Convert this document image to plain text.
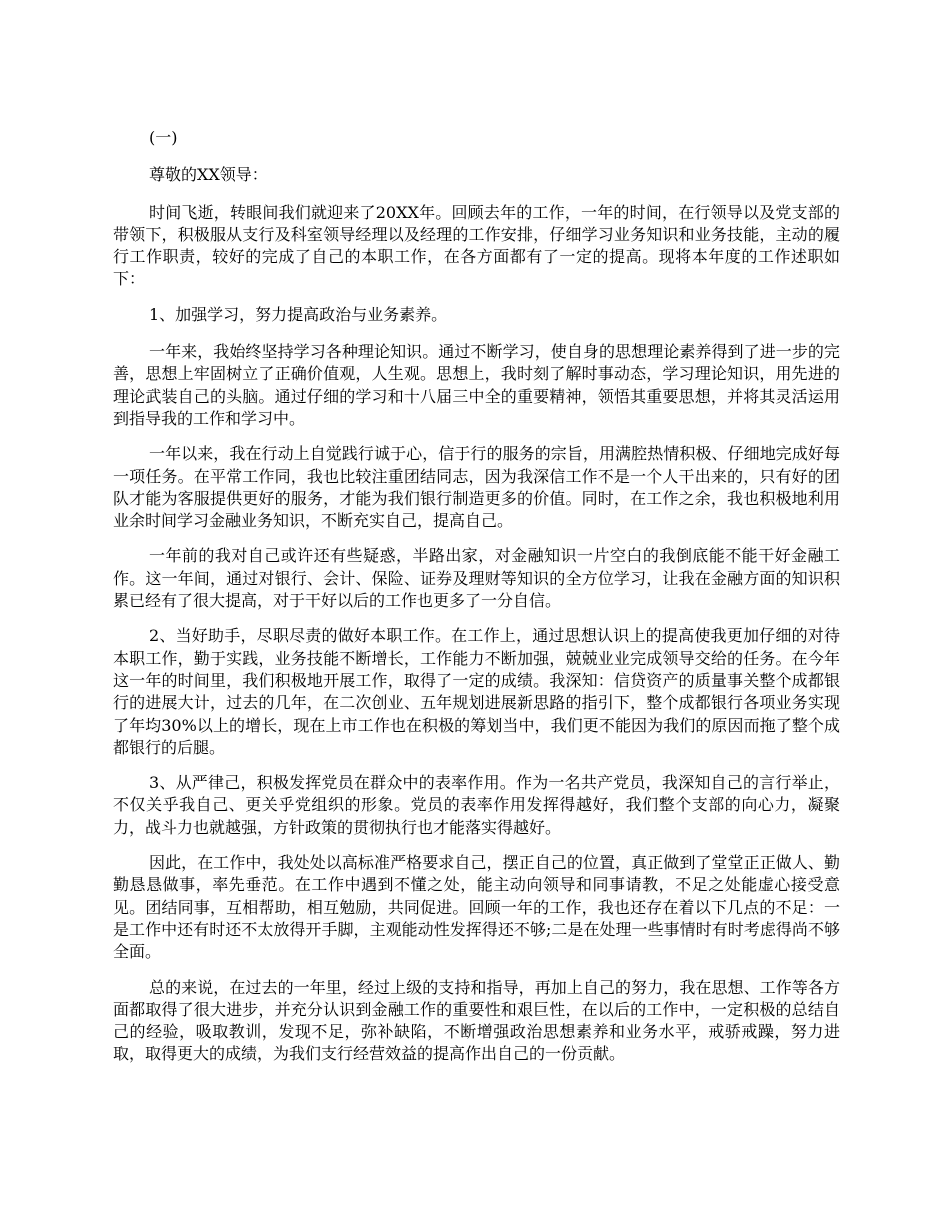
(一)

尊敬的XX领导：

时间飞逝，转眼间我们就迎来了20XX年。回顾去年的工作，一年的时间，在行领导以及党支部的带领下，积极服从支行及科室领导经理以及经理的工作安排，仔细学习业务知识和业务技能，主动的履行工作职责，较好的完成了自己的本职工作，在各方面都有了一定的提高。现将本年度的工作述职如下：

1、加强学习，努力提高政治与业务素养。

一年来，我始终坚持学习各种理论知识。通过不断学习，使自身的思想理论素养得到了进一步的完善，思想上牢固树立了正确价值观，人生观。思想上，我时刻了解时事动态，学习理论知识，用先进的理论武装自己的头脑。通过仔细的学习和十八届三中全的重要精神，领悟其重要思想，并将其灵活运用到指导我的工作和学习中。

一年以来，我在行动上自觉践行诚于心，信于行的服务的宗旨，用满腔热情积极、仔细地完成好每一项任务。在平常工作同，我也比较注重团结同志，因为我深信工作不是一个人干出来的，只有好的团队才能为客服提供更好的服务，才能为我们银行制造更多的价值。同时，在工作之余，我也积极地利用业余时间学习金融业务知识，不断充实自己，提高自己。

一年前的我对自己或许还有些疑惑，半路出家，对金融知识一片空白的我倒底能不能干好金融工作。这一年间，通过对银行、会计、保险、证券及理财等知识的全方位学习，让我在金融方面的知识积累已经有了很大提高，对于干好以后的工作也更多了一分自信。

2、当好助手，尽职尽责的做好本职工作。在工作上，通过思想认识上的提高使我更加仔细的对待本职工作，勤于实践，业务技能不断增长，工作能力不断加强，兢兢业业完成领导交给的任务。在今年这一年的时间里，我们积极地开展工作，取得了一定的成绩。我深知：信贷资产的质量事关整个成都银行的进展大计，过去的几年，在二次创业、五年规划进展新思路的指引下，整个成都银行各项业务实现了年均30%以上的增长，现在上市工作也在积极的筹划当中，我们更不能因为我们的原因而拖了整个成都银行的后腿。

3、从严律己，积极发挥党员在群众中的表率作用。作为一名共产党员，我深知自己的言行举止，不仅关乎我自己、更关乎党组织的形象。党员的表率作用发挥得越好，我们整个支部的向心力，凝聚力，战斗力也就越强，方针政策的贯彻执行也才能落实得越好。

因此，在工作中，我处处以高标准严格要求自己，摆正自己的位置，真正做到了堂堂正正做人、勤勤恳恳做事，率先垂范。在工作中遇到不懂之处，能主动向领导和同事请教，不足之处能虚心接受意见。团结同事，互相帮助，相互勉励，共同促进。回顾一年的工作，我也还存在着以下几点的不足：一是工作中还有时还不太放得开手脚，主观能动性发挥得还不够;二是在处理一些事情时有时考虑得尚不够全面。

总的来说，在过去的一年里，经过上级的支持和指导，再加上自己的努力，我在思想、工作等各方面都取得了很大进步，并充分认识到金融工作的重要性和艰巨性，在以后的工作中，一定积极的总结自己的经验，吸取教训，发现不足，弥补缺陷，不断增强政治思想素养和业务水平，戒骄戒躁，努力进取，取得更大的成绩，为我们支行经营效益的提高作出自己的一份贡献。
